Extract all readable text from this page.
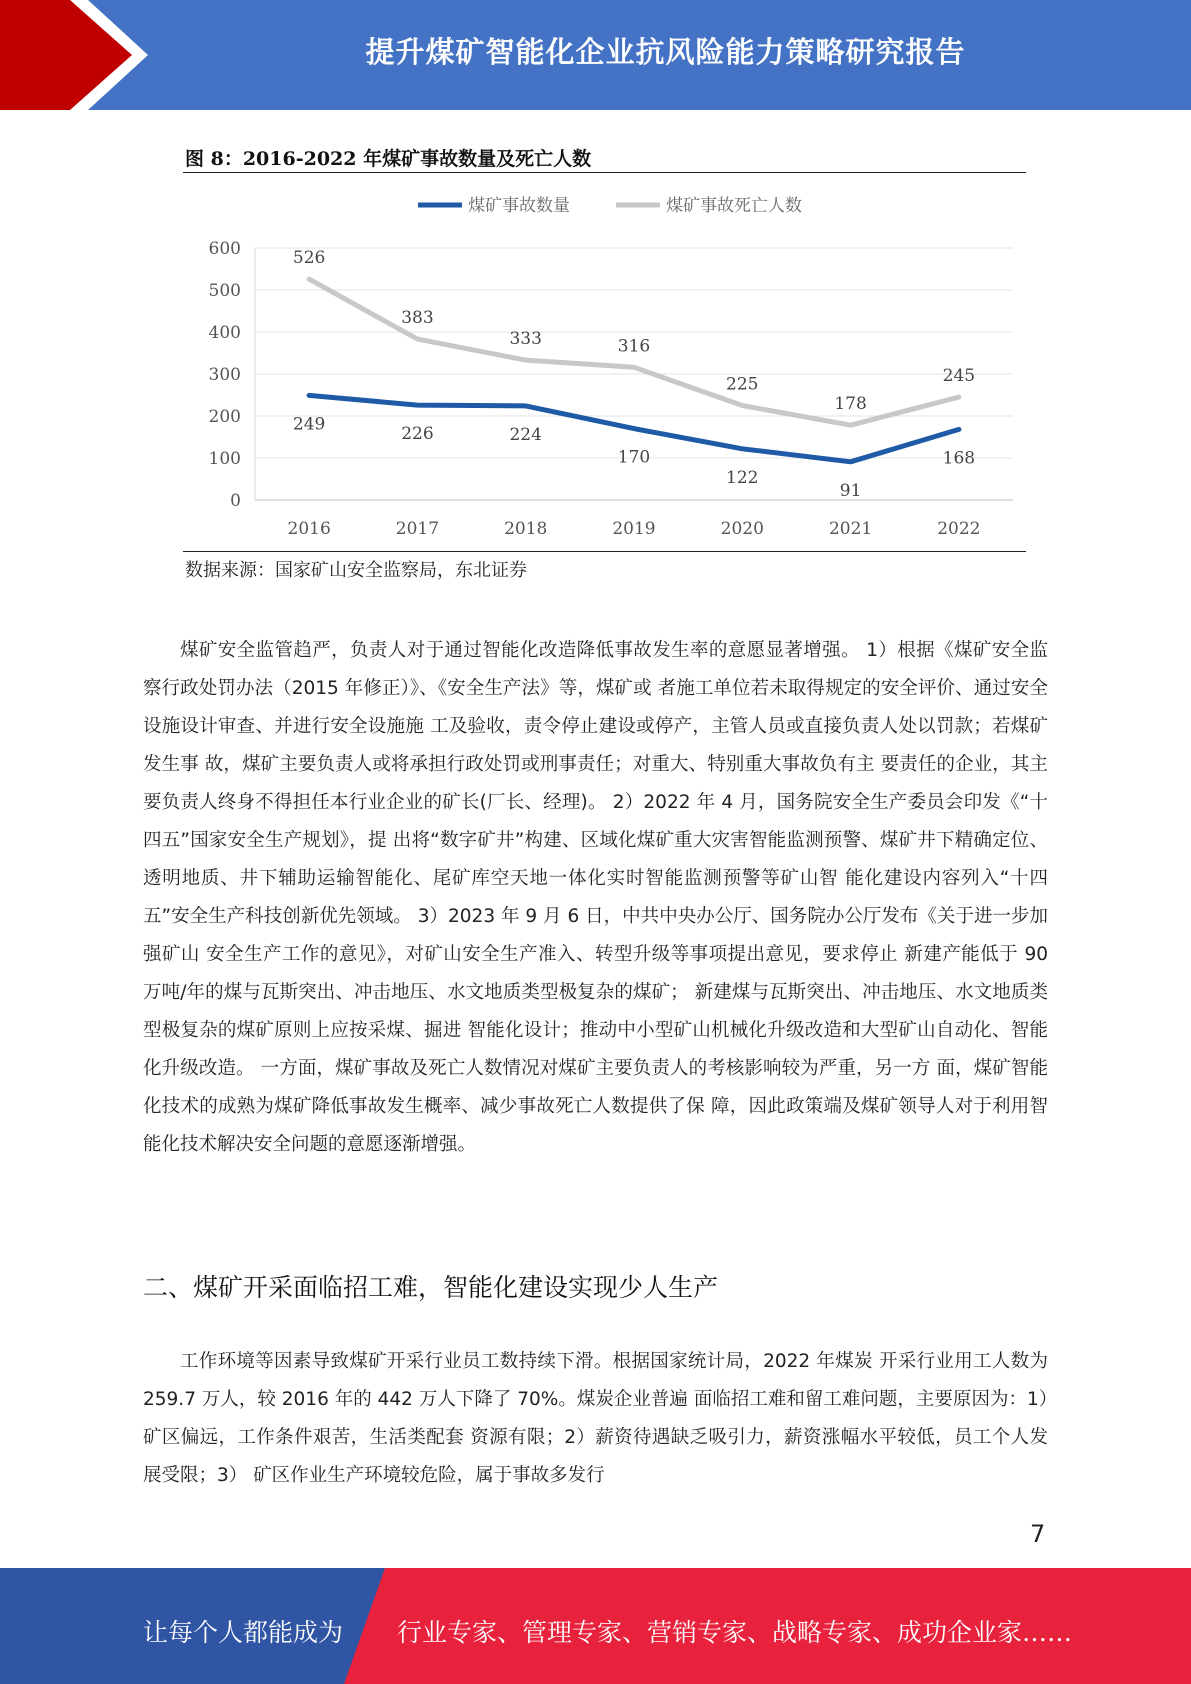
提升煤矿智能化企业抗风险能力策略研究报告
图 8：2016-2022 年煤矿事故数量及死亡人数
0
100
200
300
400
500
600
2016	2017	2018	2019	2020	2021	2022
煤矿事故数量	煤矿事故死亡人数
526
249
383
226
333
224
316
170
225
122
178
91
245
168
数据来源：国家矿山安全监察局，东北证券

煤矿安全监管趋严，负责人对于通过智能化改造降低事故发生率的意愿显著增强。 1）根据《煤矿安全监察行政处罚办法（2015 年修正）》、《安全生产法》等，煤矿或 者施工单位若未取得规定的安全评价、通过安全设施设计审查、并进行安全设施施 工及验收，责令停止建设或停产，主管人员或直接负责人处以罚款；若煤矿发生事 故，煤矿主要负责人或将承担行政处罚或刑事责任；对重大、特别重大事故负有主 要责任的企业，其主要负责人终身不得担任本行业企业的矿长(厂长、经理)。 2）2022 年 4 月，国务院安全生产委员会印发《“十四五”国家安全生产规划》，提 出将“数字矿井”构建、区域化煤矿重大灾害智能监测预警、煤矿井下精确定位、 透明地质、井下辅助运输智能化、尾矿库空天地一体化实时智能监测预警等矿山智 能化建设内容列入“十四五”安全生产科技创新优先领域。 3）2023 年 9 月 6 日，中共中央办公厅、国务院办公厅发布《关于进一步加强矿山 安全生产工作的意见》，对矿山安全生产准入、转型升级等事项提出意见，要求停止 新建产能低于 90 万吨/年的煤与瓦斯突出、冲击地压、水文地质类型极复杂的煤矿； 新建煤与瓦斯突出、冲击地压、水文地质类型极复杂的煤矿原则上应按采煤、掘进 智能化设计；推动中小型矿山机械化升级改造和大型矿山自动化、智能化升级改造。 一方面，煤矿事故及死亡人数情况对煤矿主要负责人的考核影响较为严重，另一方 面，煤矿智能化技术的成熟为煤矿降低事故发生概率、减少事故死亡人数提供了保 障，因此政策端及煤矿领导人对于利用智能化技术解决安全问题的意愿逐渐增强。

二、煤矿开采面临招工难，智能化建设实现少人生产

工作环境等因素导致煤矿开采行业员工数持续下滑。根据国家统计局，2022 年煤炭 开采行业用工人数为 259.7 万人，较 2016 年的 442 万人下降了 70%。煤炭企业普遍 面临招工难和留工难问题，主要原因为：1）矿区偏远，工作条件艰苦，生活类配套 资源有限；2）薪资待遇缺乏吸引力，薪资涨幅水平较低，员工个人发展受限；3） 矿区作业生产环境较危险，属于事故多发行

7
让每个人都能成为 行业专家、管理专家、营销专家、战略专家、成功企业家……
